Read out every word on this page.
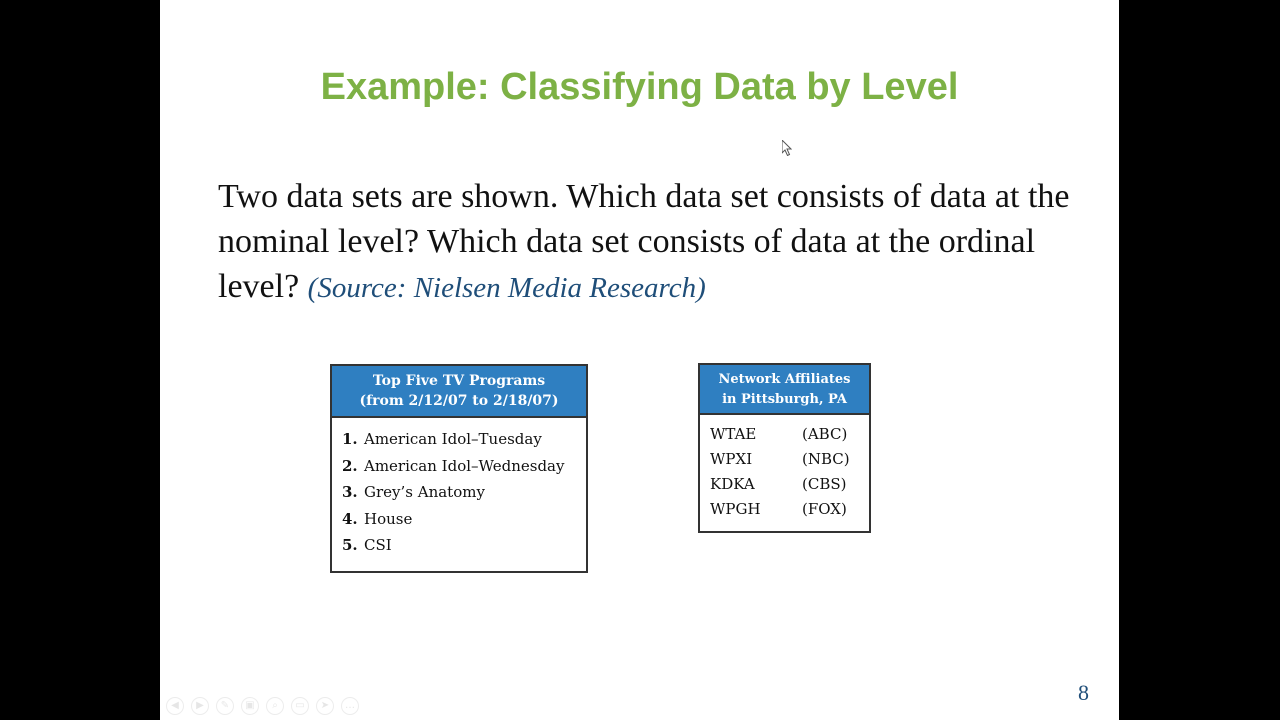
Example: Classifying Data by Level

Two data sets are shown. Which data set consists of data at the nominal level? Which data set consists of data at the ordinal level? (Source: Nielsen Media Research)

Top Five TV Programs
(from 2/12/07 to 2/18/07)
1. American Idol–Tuesday
2. American Idol–Wednesday
3. Grey’s Anatomy
4. House
5. CSI
Network Affiliates
in Pittsburgh, PA
WTAE	(ABC)
WPXI	(NBC)
KDKA	(CBS)
WPGH	(FOX)
8
◀	▶	✎	▣	⌕	▭	➤	…
